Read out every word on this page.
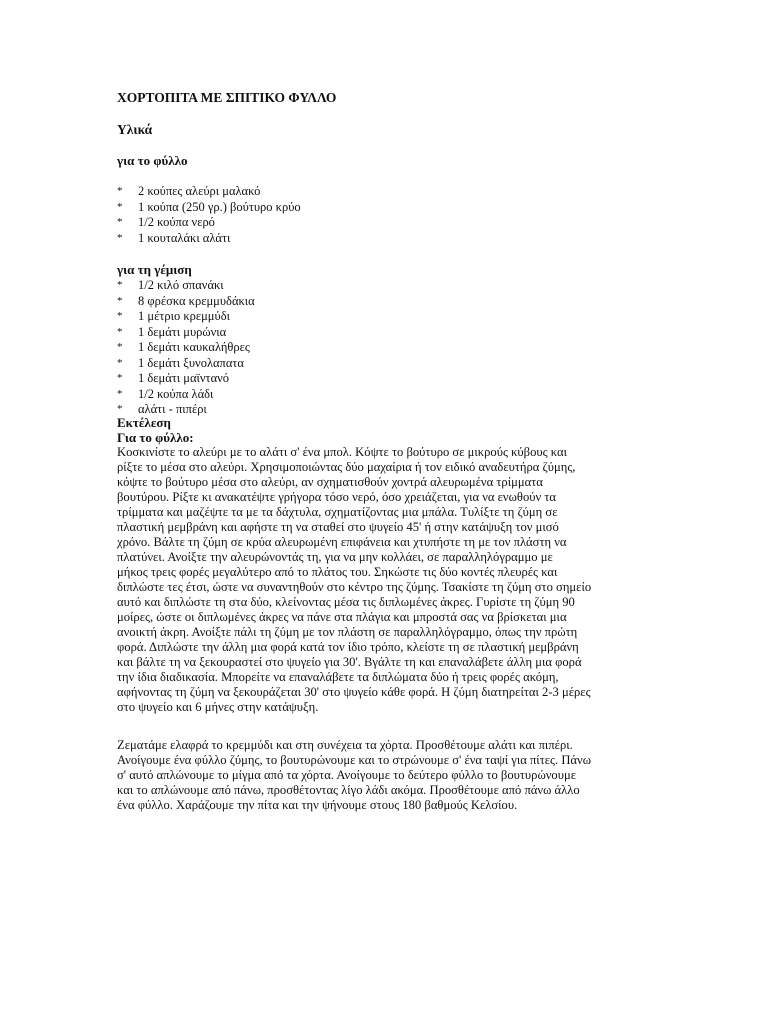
ΧΟΡΤΟΠΙΤΑ ΜΕ ΣΠΙΤΙΚΟ ΦΥΛΛΟ
Υλικά
για το φύλλο
* 2 κούπες αλεύρι μαλακό
* 1 κούπα (250 γρ.) βούτυρο κρύο
* 1/2 κούπα νερό
* 1 κουταλάκι αλάτι
για τη γέμιση
* 1/2 κιλό σπανάκι
* 8 φρέσκα κρεμμυδάκια
* 1 μέτριο κρεμμύδι
* 1 δεμάτι μυρώνια
* 1 δεμάτι καυκαλήθρες
* 1 δεμάτι ξυνολαπατα
* 1 δεμάτι μαϊντανό
* 1/2 κούπα λάδι
* αλάτι - πιπέρι
Εκτέλεση
Για το φύλλο:

Κοσκινίστε το αλεύρι με το αλάτι σ' ένα μπολ. Κόψτε το βούτυρο σε μικρούς κύβους και
ρίξτε το μέσα στο αλεύρι. Χρησιμοποιώντας δύο μαχαίρια ή τον ειδικό αναδευτήρα ζύμης,
κόψτε το βούτυρο μέσα στο αλεύρι, αν σχηματισθούν χοντρά αλευρωμένα τρίμματα
βουτύρου. Ρίξτε κι ανακατέψτε γρήγορα τόσο νερό, όσο χρειάζεται, για να ενωθούν τα
τρίμματα και μαζέψτε τα με τα δάχτυλα, σχηματίζοντας μια μπάλα. Τυλίξτε τη ζύμη σε
πλαστική μεμβράνη και αφήστε τη να σταθεί στο ψυγείο 45' ή στην κατάψυξη τον μισό
χρόνο. Βάλτε τη ζύμη σε κρύα αλευρωμένη επιφάνεια και χτυπήστε τη με τον πλάστη να
πλατύνει. Ανοίξτε την αλευρώνοντάς τη, για να μην κολλάει, σε παραλληλόγραμμο με
μήκος τρεις φορές μεγαλύτερο από το πλάτος του. Σηκώστε τις δύο κοντές πλευρές και
διπλώστε τες έτσι, ώστε να συναντηθούν στο κέντρο της ζύμης. Τσακίστε τη ζύμη στο σημείο
αυτό και διπλώστε τη στα δύο, κλείνοντας μέσα τις διπλωμένες άκρες. Γυρίστε τη ζύμη 90
μοίρες, ώστε οι διπλωμένες άκρες να πάνε στα πλάγια και μπροστά σας να βρίσκεται μια
ανοικτή άκρη. Ανοίξτε πάλι τη ζύμη με τον πλάστη σε παραλληλόγραμμο, όπως την πρώτη
φορά. Διπλώστε την άλλη μια φορά κατά τον ίδιο τρόπο, κλείστε τη σε πλαστική μεμβράνη
και βάλτε τη να ξεκουραστεί στο ψυγείο για 30'. Βγάλτε τη και επαναλάβετε άλλη μια φορά
την ίδια διαδικασία. Μπορείτε να επαναλάβετε τα διπλώματα δύο ή τρεις φορές ακόμη,
αφήνοντας τη ζύμη να ξεκουράζεται 30' στο ψυγείο κάθε φορά. Η ζύμη διατηρείται 2-3 μέρες
στο ψυγείο και 6 μήνες στην κατάψυξη.

Ζεματάμε ελαφρά το κρεμμύδι και στη συνέχεια τα χόρτα. Προσθέτουμε αλάτι και πιπέρι.
Ανοίγουμε ένα φύλλο ζύμης, το βουτυρώνουμε και το στρώνουμε σ' ένα ταψί για πίτες. Πάνω
σ' αυτό απλώνουμε το μίγμα από τα χόρτα. Ανοίγουμε το δεύτερο φύλλο το βουτυρώνουμε
και το απλώνουμε από πάνω, προσθέτοντας λίγο λάδι ακόμα. Προσθέτουμε από πάνω άλλο
ένα φύλλο. Χαράζουμε την πίτα και την ψήνουμε στους 180 βαθμούς Κελσίου.
